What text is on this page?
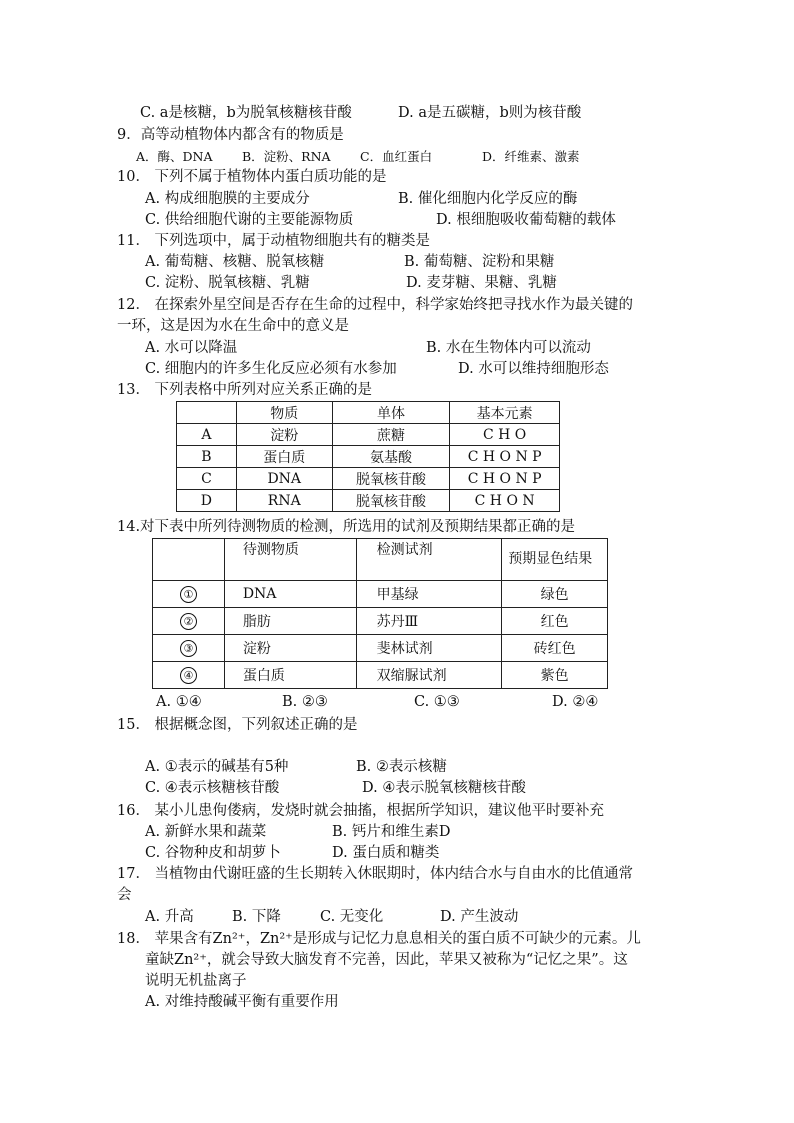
C. a是核糖，b为脱氧核糖核苷酸	D. a是五碳糖，b则为核苷酸
9．高等动植物体内都含有的物质是
A．酶、DNA B．淀粉、RNA C．血红蛋白	D．纤维素、激素
10． 下列不属于植物体内蛋白质功能的是
A. 构成细胞膜的主要成分	B. 催化细胞内化学反应的酶
C. 供给细胞代谢的主要能源物质	D. 根细胞吸收葡萄糖的载体
11． 下列选项中，属于动植物细胞共有的糖类是
A. 葡萄糖、核糖、脱氧核糖	B. 葡萄糖、淀粉和果糖
C. 淀粉、脱氧核糖、乳糖	D. 麦芽糖、果糖、乳糖
12． 在探索外星空间是否存在生命的过程中，科学家始终把寻找水作为最关键的
一环，这是因为水在生命中的意义是
A. 水可以降温	B. 水在生物体内可以流动
C. 细胞内的许多生化反应必须有水参加	D. 水可以维持细胞形态
13． 下列表格中所列对应关系正确的是
	物质	单体	基本元素
A	淀粉	蔗糖	C H O
B	蛋白质	氨基酸	C H O N P
C	DNA	脱氧核苷酸	C H O N P
D	RNA	脱氧核苷酸	C H O N
14.对下表中所列待测物质的检测，所选用的试剂及预期结果都正确的是
	待测物质	检测试剂	预期显色结果
①	DNA	甲基绿	绿色
②	脂肪	苏丹Ⅲ	红色
③	淀粉	斐林试剂	砖红色
④	蛋白质	双缩脲试剂	紫色
A. ①④	B. ②③	C. ①③	D. ②④
15． 根据概念图，下列叙述正确的是
A. ①表示的碱基有5种	B. ②表示核糖
C. ④表示核糖核苷酸	D. ④表示脱氧核糖核苷酸
16． 某小儿患佝偻病，发烧时就会抽搐，根据所学知识，建议他平时要补充
A. 新鲜水果和蔬菜	B. 钙片和维生素D
C. 谷物种皮和胡萝卜	D. 蛋白质和糖类
17． 当植物由代谢旺盛的生长期转入休眠期时，体内结合水与自由水的比值通常
会
A. 升高	B. 下降	C. 无变化	D. 产生波动
18． 苹果含有Zn²⁺，Zn²⁺是形成与记忆力息息相关的蛋白质不可缺少的元素。儿
童缺Zn²⁺，就会导致大脑发育不完善，因此，苹果又被称为“记忆之果”。这
说明无机盐离子
A. 对维持酸碱平衡有重要作用
